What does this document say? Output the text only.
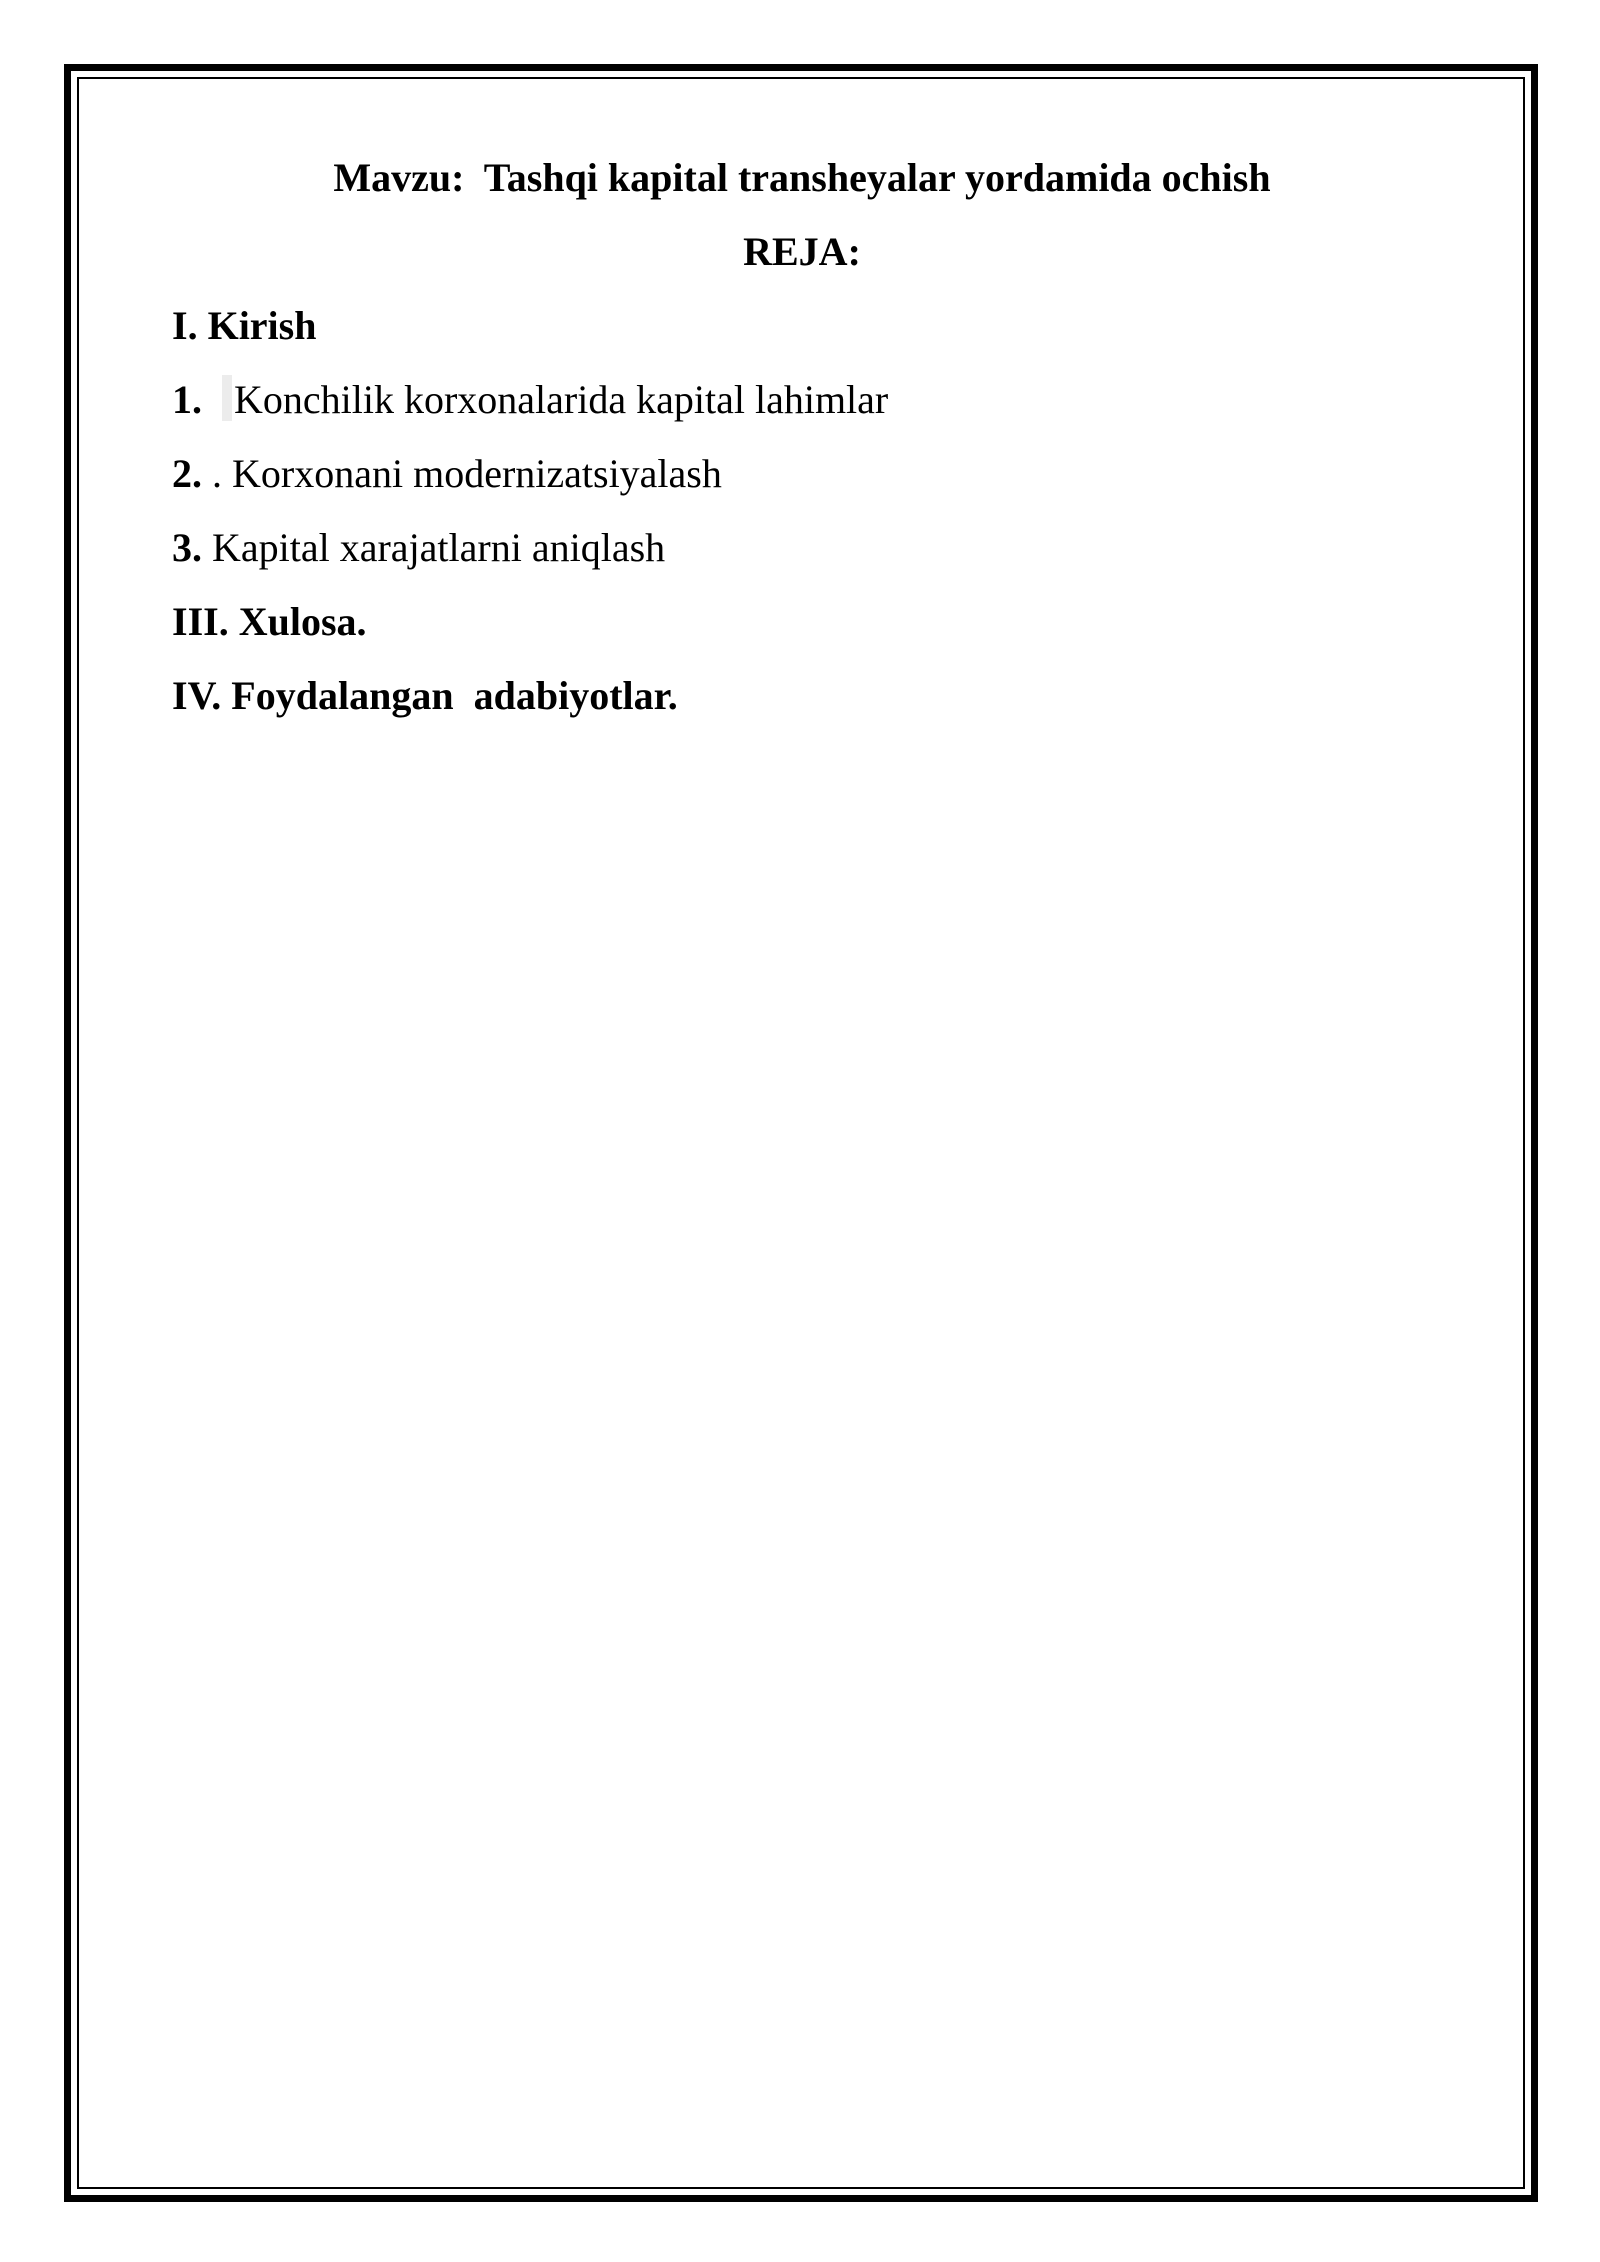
Mavzu:  Tashqi kapital transheyalar yordamida ochish

REJA:

I. Kirish
1. Konchilik korxonalarida kapital lahimlar
2. . Korxonani modernizatsiyalash
3. Kapital xarajatlarni aniqlash
III. Xulosa.
IV. Foydalangan  adabiyotlar.
